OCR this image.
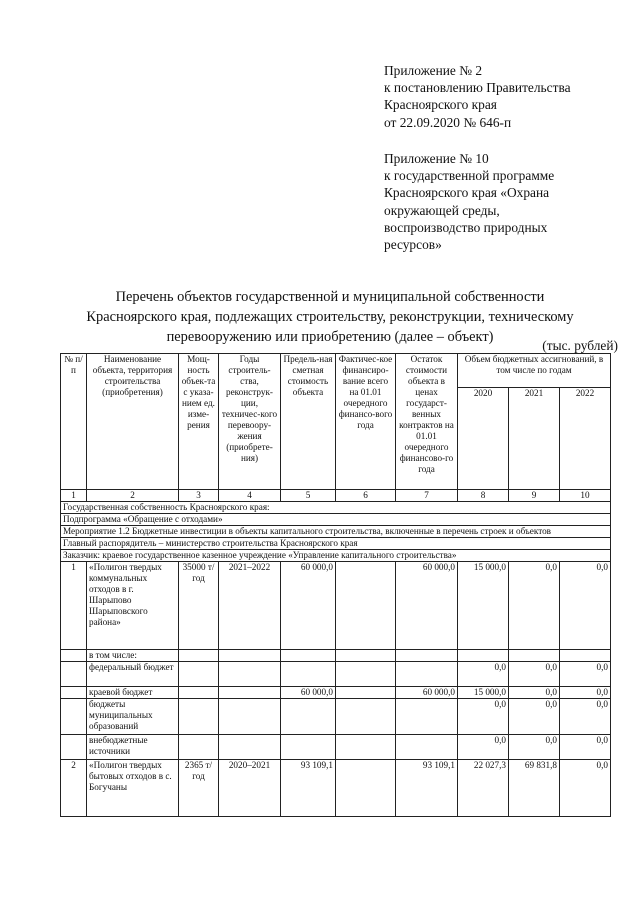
Приложение № 2
к постановлению Правительства
Красноярского края
от 22.09.2020 № 646-п
Приложение № 10
к государственной программе
Красноярского края «Охрана
окружающей среды,
воспроизводство природных
ресурсов»
Перечень объектов государственной и муниципальной собственности
Красноярского края, подлежащих строительству, реконструкции, техническому
перевооружению или приобретению (далее – объект)
(тыс. рублей)
№ п/п	Наименование объекта, территория строительства (приобретения)	Мощ-ность объек-та с указа-нием ед. изме-рения	Годы строитель-ства, реконструк-ции, техничес-кого перевоору-жения (приобрете-ния)	Предель-ная сметная стоимость объекта	Фактичес-кое финансиро-вание всего на 01.01 очередного финансо-вого года	Остаток стоимости объекта в ценах государст-венных контрактов на 01.01 очередного финансово-го года	Объем бюджетных ассигнований, в том числе по годам		
							2020	2021	2022
1	2	3	4	5	6	7	8	9	10
Государственная собственность Красноярского края:									
Подпрограмма «Обращение с отходами»									
Мероприятие 1.2 Бюджетные инвестиции в объекты капитального строительства, включенные в перечень строек и объектов									
Главный распорядитель – министерство строительства Красноярского края									
Заказчик: краевое государственное казенное учреждение «Управление капитального строительства»									
1	«Полигон твердых коммунальных отходов в г. Шарыпово Шарыповского района»	35000 т/год	2021–2022	60 000,0		60 000,0	15 000,0	0,0	0,0
	в том числе:								
	федеральный бюджет						0,0	0,0	0,0
	краевой бюджет			60 000,0		60 000,0	15 000,0	0,0	0,0
	бюджеты муниципальных образований						0,0	0,0	0,0
	внебюджетные источники						0,0	0,0	0,0
2	«Полигон твердых бытовых отходов в с. Богучаны	2365 т/год	2020–2021	93 109,1		93 109,1	22 027,3	69 831,8	0,0
